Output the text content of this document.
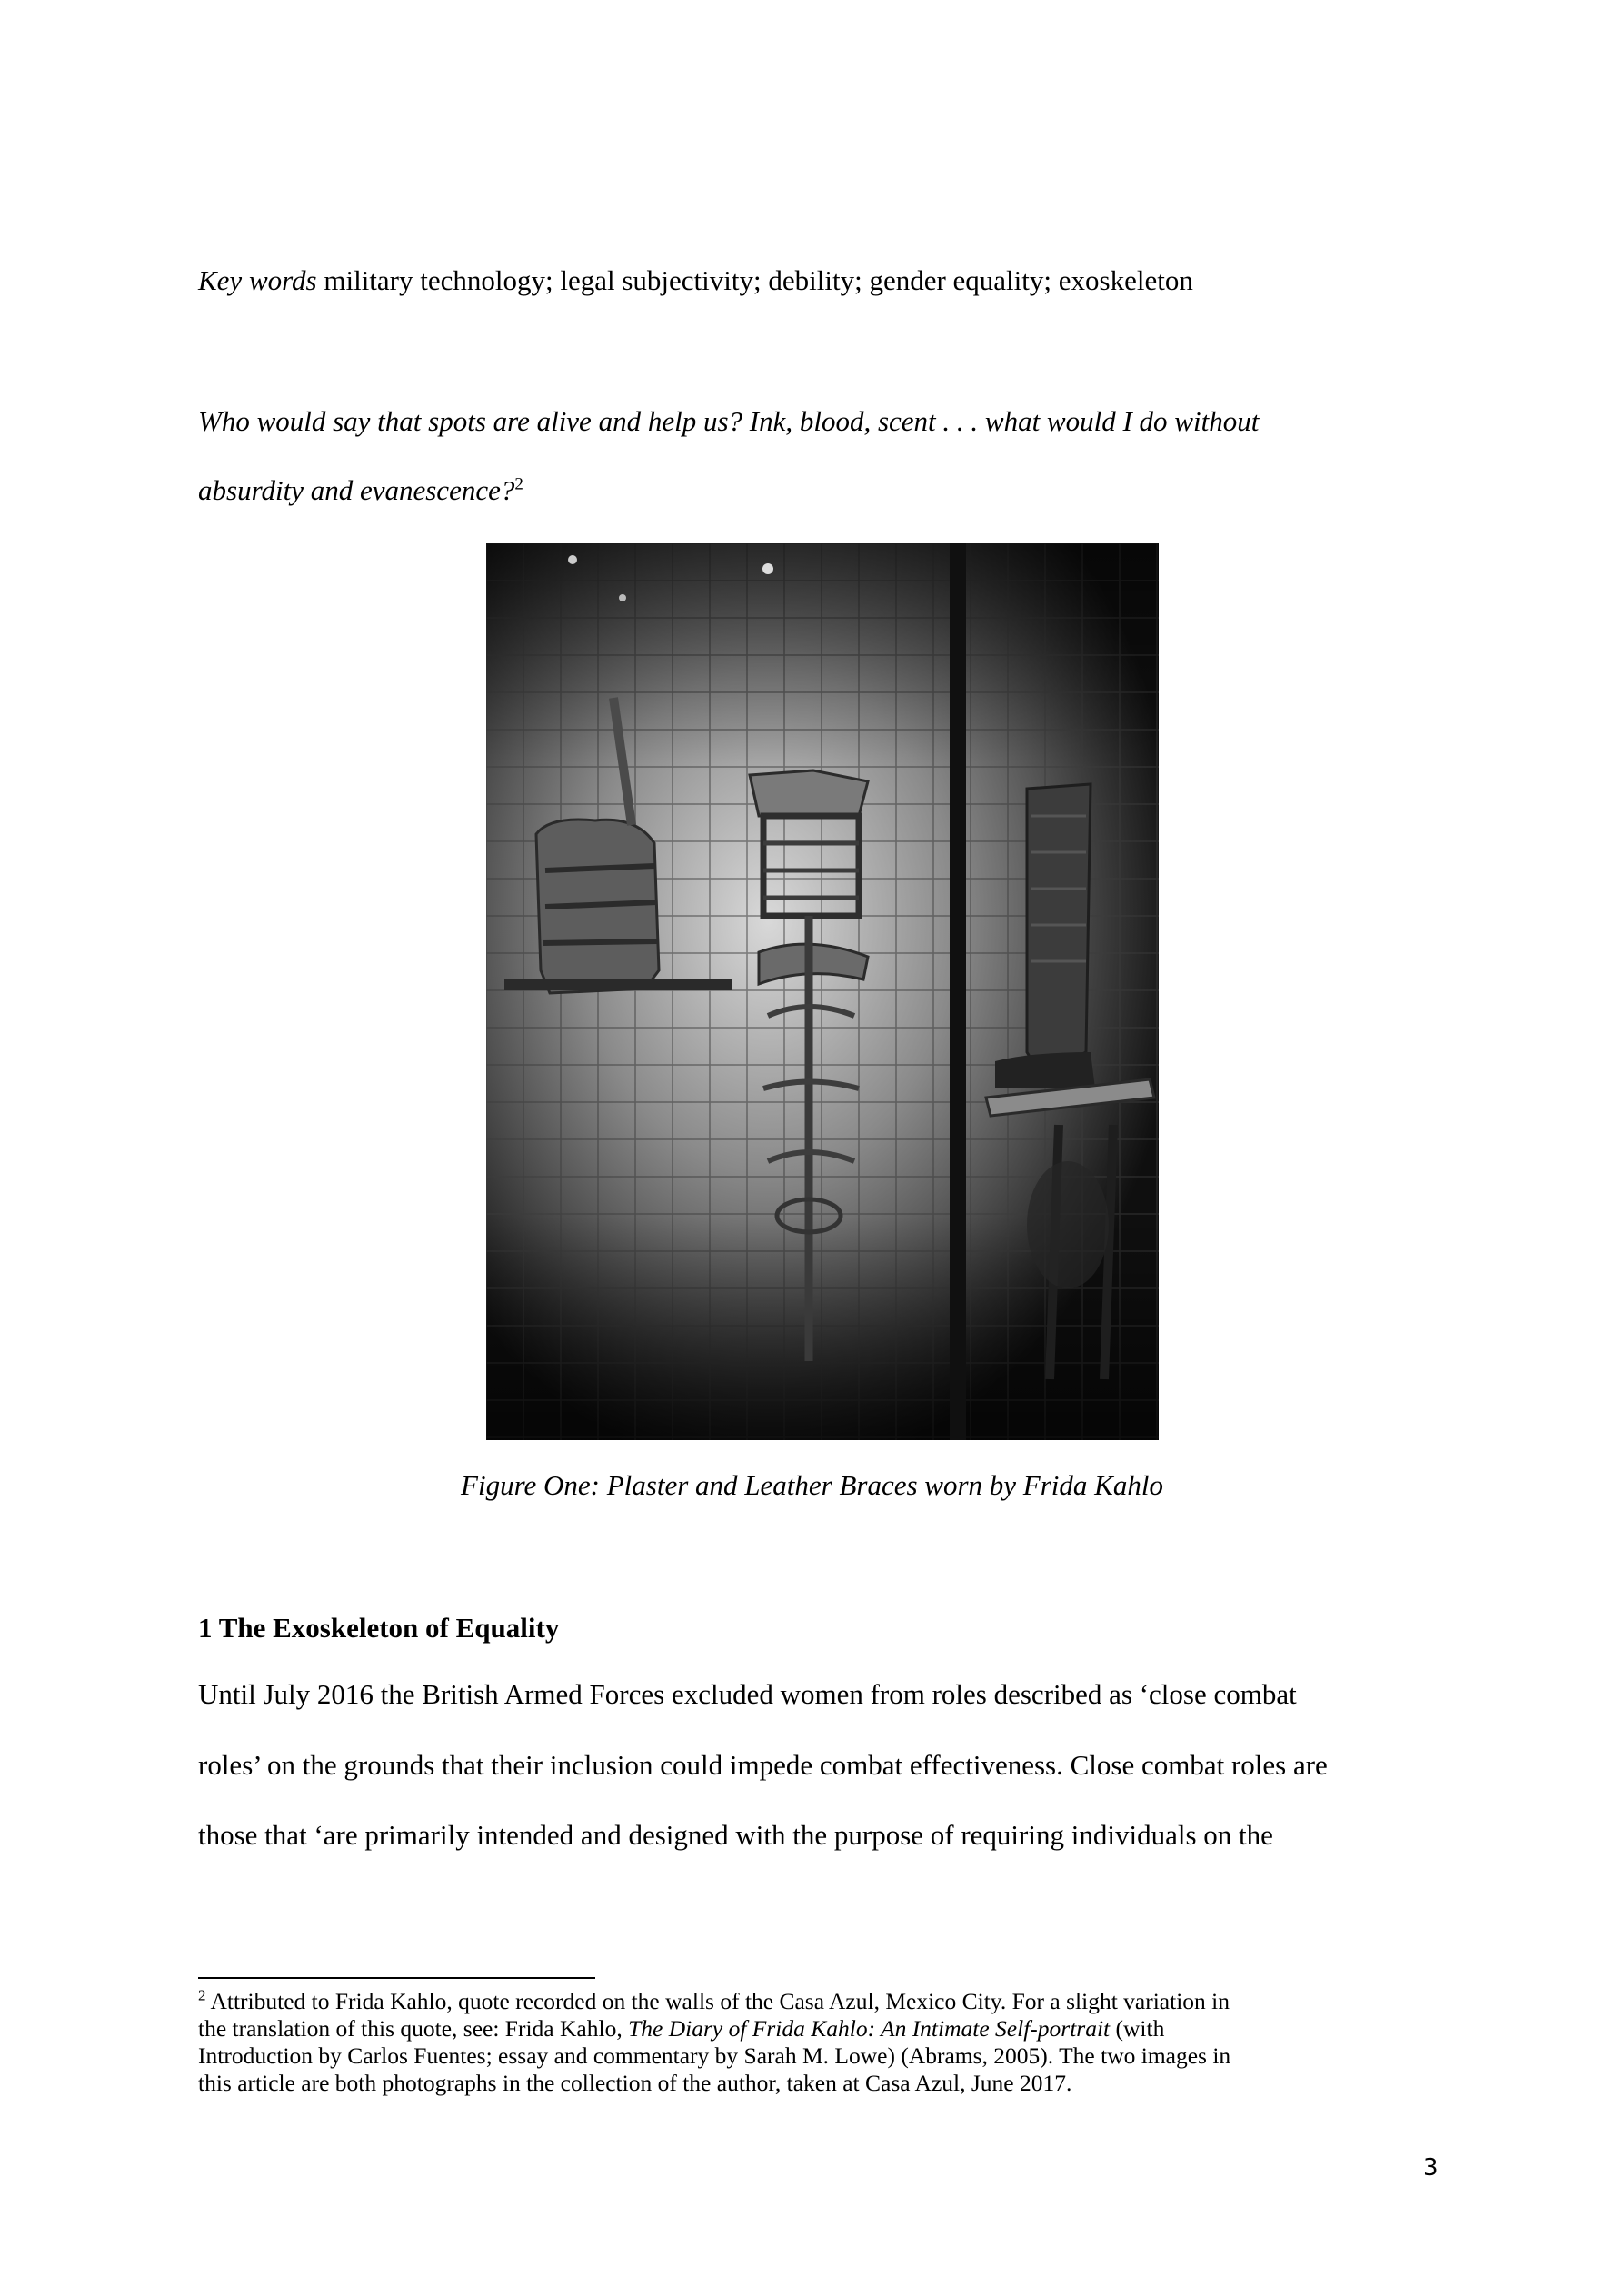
Key words military technology; legal subjectivity; debility; gender equality; exoskeleton
Who would say that spots are alive and help us? Ink, blood, scent . . . what would I do without
absurdity and evanescence?$^2$
Figure One: Plaster and Leather Braces worn by Frida Kahlo
1 The Exoskeleton of Equality
Until July 2016 the British Armed Forces excluded women from roles described as ‘close combat
roles’ on the grounds that their inclusion could impede combat effectiveness. Close combat roles are
those that ‘are primarily intended and designed with the purpose of requiring individuals on the

$^2$ Attributed to Frida Kahlo, quote recorded on the walls of the Casa Azul, Mexico City. For a slight variation in

the translation of this quote, see: Frida Kahlo, The Diary of Frida Kahlo: An Intimate Self-portrait (with

Introduction by Carlos Fuentes; essay and commentary by Sarah M. Lowe) (Abrams, 2005). The two images in

this article are both photographs in the collection of the author, taken at Casa Azul, June 2017.

3
